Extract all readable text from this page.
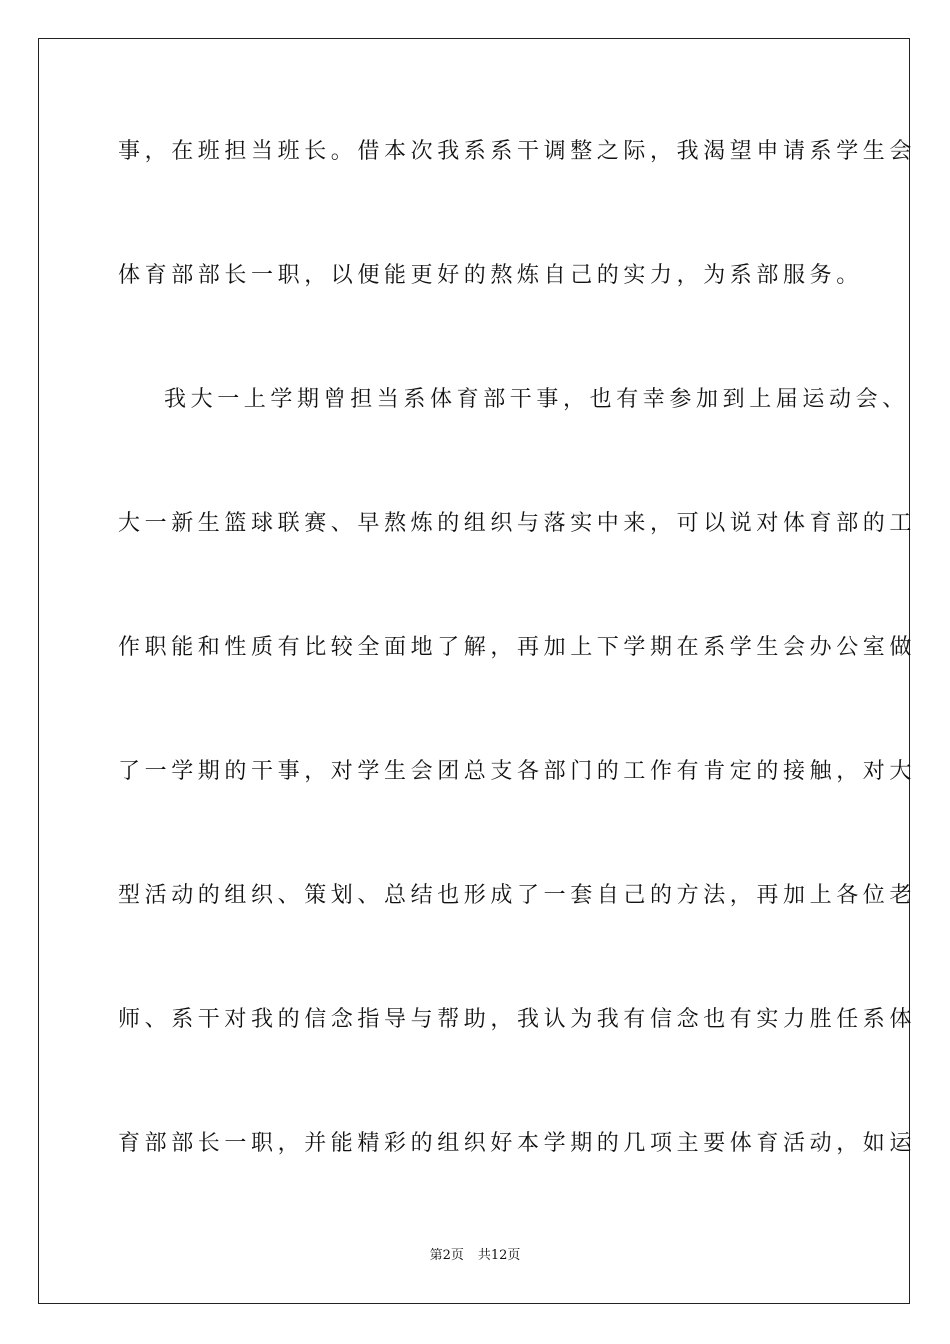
事，在班担当班长。借本次我系系干调整之际，我渴望申请系学生会
体育部部长一职，以便能更好的熬炼自己的实力，为系部服务。
我大一上学期曾担当系体育部干事，也有幸参加到上届运动会、
大一新生篮球联赛、早熬炼的组织与落实中来，可以说对体育部的工
作职能和性质有比较全面地了解，再加上下学期在系学生会办公室做
了一学期的干事，对学生会团总支各部门的工作有肯定的接触，对大
型活动的组织、策划、总结也形成了一套自己的方法，再加上各位老
师、系干对我的信念指导与帮助，我认为我有信念也有实力胜任系体
育部部长一职，并能精彩的组织好本学期的几项主要体育活动，如运
第2页 共12页
